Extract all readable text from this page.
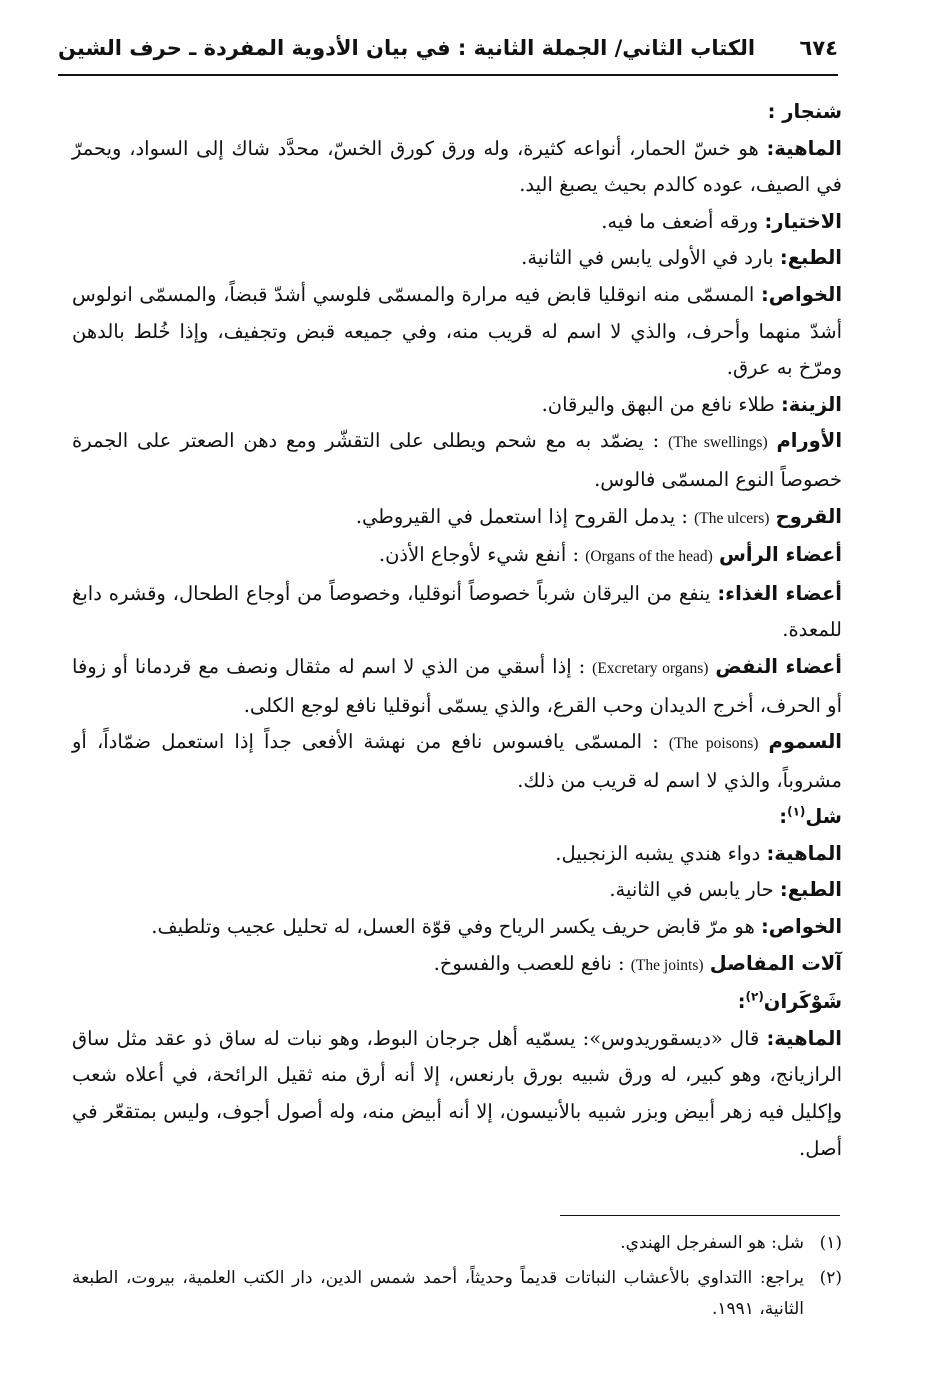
٦٧٤
الكتاب الثاني/ الجملة الثانية : في بيان الأدوية المفردة ـ حرف الشين

شنجار :

الماهية: هو خسّ الحمار، أنواعه كثيرة، وله ورق كورق الخسّ، محدَّد شاك إلى السواد، ويحمرّ في الصيف، عوده كالدم بحيث يصبغ اليد.

الاختيار: ورقه أضعف ما فيه.

الطبع: بارد في الأولى يابس في الثانية.

الخواص: المسمّى منه انوقليا قابض فيه مرارة والمسمّى فلوسي أشدّ قبضاً، والمسمّى انولوس أشدّ منهما وأحرف، والذي لا اسم له قريب منه، وفي جميعه قبض وتجفيف، وإذا خُلط بالدهن ومرّخ به عرق.

الزينة: طلاء نافع من البهق واليرقان.

الأورام (The swellings) : يضمّد به مع شحم ويطلى على التقشّر ومع دهن الصعتر على الجمرة خصوصاً النوع المسمّى فالوس.

القروح (The ulcers) : يدمل القروح إذا استعمل في القيروطي.

أعضاء الرأس (Organs of the head) : أنفع شيء لأوجاع الأذن.

أعضاء الغذاء: ينفع من اليرقان شرباً خصوصاً أنوقليا، وخصوصاً من أوجاع الطحال، وقشره دابغ للمعدة.

أعضاء النفض (Excretary organs) : إذا أسقي من الذي لا اسم له مثقال ونصف مع قردمانا أو زوفا أو الحرف، أخرج الديدان وحب القرع، والذي يسمّى أنوقليا نافع لوجع الكلى.

السموم (The poisons) : المسمّى يافسوس نافع من نهشة الأفعى جداً إذا استعمل ضمّاداً، أو مشروباً، والذي لا اسم له قريب من ذلك.

شل$^{(١)}$:

الماهية: دواء هندي يشبه الزنجبيل.

الطبع: حار يابس في الثانية.

الخواص: هو مرّ قابض حريف يكسر الرياح وفي قوّة العسل، له تحليل عجيب وتلطيف.

آلات المفاصل (The joints) : نافع للعصب والفسوخ.

شَوْكَران$^{(٢)}$:

الماهية: قال «ديسقوريدوس»: يسمّيه أهل جرجان البوط، وهو نبات له ساق ذو عقد مثل ساق الرازيانج، وهو كبير، له ورق شبيه بورق بارنعس، إلا أنه أرق منه ثقيل الرائحة، في أعلاه شعب وإكليل فيه زهر أبيض وبزر شبيه بالأنيسون، إلا أنه أبيض منه، وله أصول أجوف، وليس بمتقعّر في أصل.

(١)
شل: هو السفرجل الهندي.
(٢)
يراجع: االتداوي بالأعشاب النباتات قديماً وحديثاً، أحمد شمس الدين، دار الكتب العلمية، بيروت، الطبعة الثانية، ١٩٩١.
